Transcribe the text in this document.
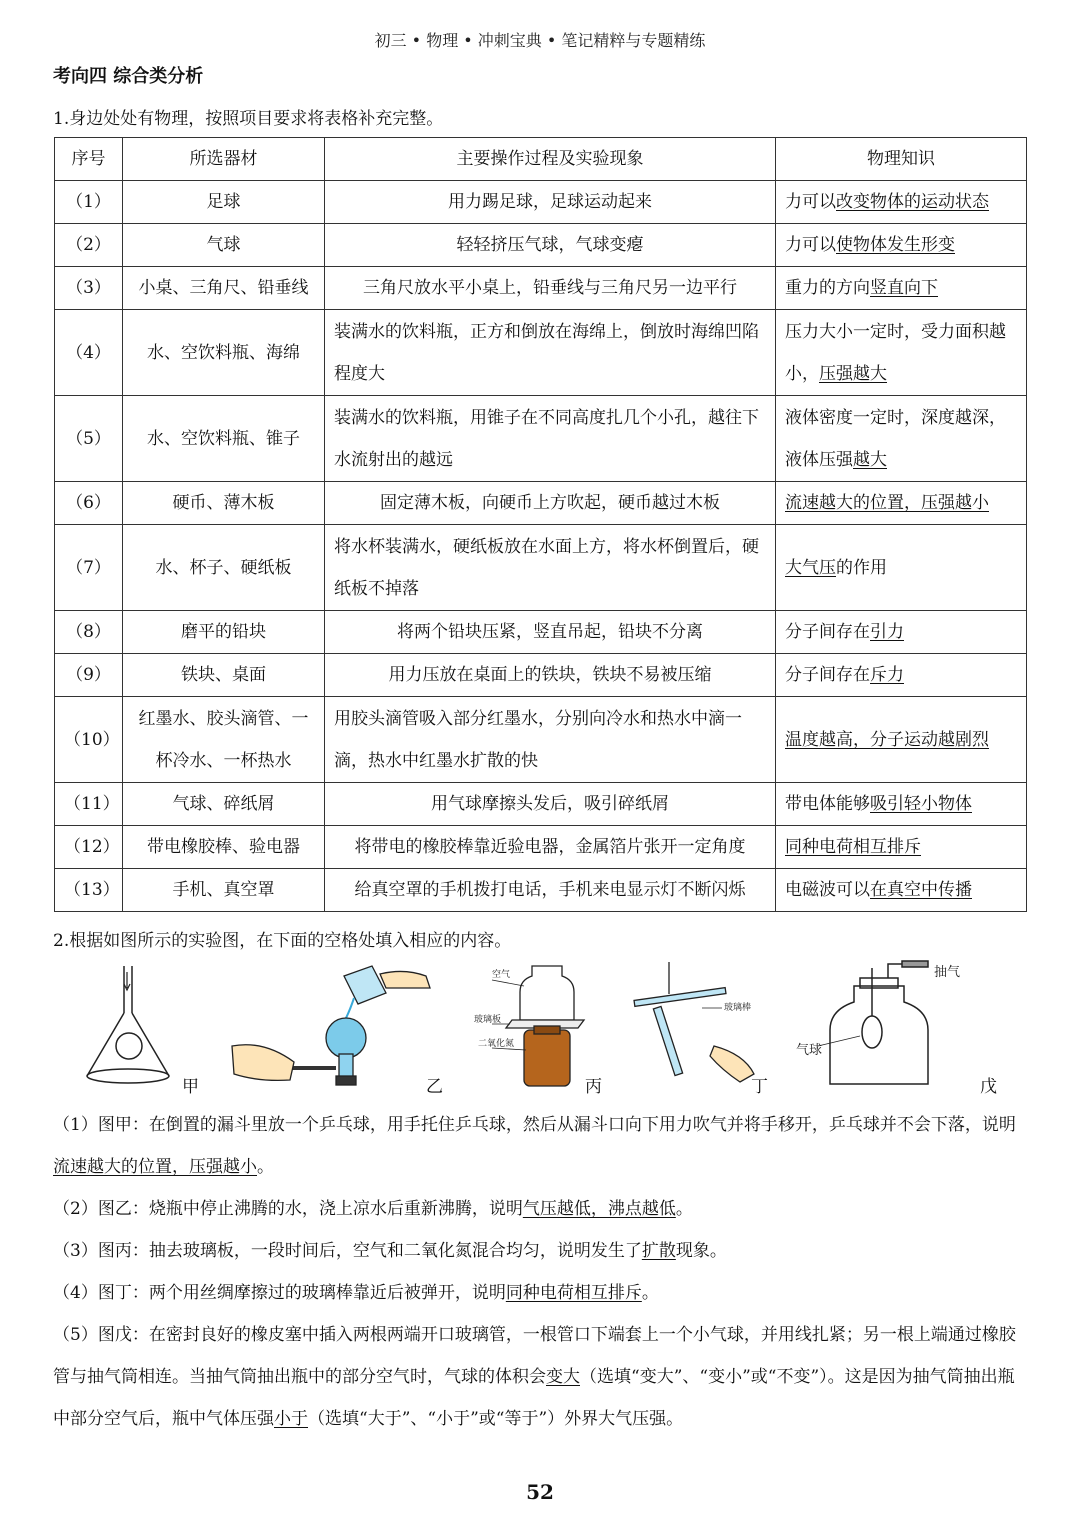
初三 • 物理 • 冲刺宝典 • 笔记精粹与专题精练
考向四 综合类分析
1.身边处处有物理，按照项目要求将表格补充完整。
序号	所选器材	主要操作过程及实验现象	物理知识
（1）	足球	用力踢足球，足球运动起来	力可以改变物体的运动状态
（2）	气球	轻轻挤压气球，气球变瘪	力可以使物体发生形变
（3）	小桌、三角尺、铅垂线	三角尺放水平小桌上，铅垂线与三角尺另一边平行	重力的方向竖直向下
（4）	水、空饮料瓶、海绵	装满水的饮料瓶，正方和倒放在海绵上，倒放时海绵凹陷程度大	压力大小一定时，受力面积越小，压强越大
（5）	水、空饮料瓶、锥子	装满水的饮料瓶，用锥子在不同高度扎几个小孔，越往下水流射出的越远	液体密度一定时，深度越深，液体压强越大
（6）	硬币、薄木板	固定薄木板，向硬币上方吹起，硬币越过木板	流速越大的位置，压强越小
（7）	水、杯子、硬纸板	将水杯装满水，硬纸板放在水面上方，将水杯倒置后，硬纸板不掉落	大气压的作用
（8）	磨平的铅块	将两个铅块压紧，竖直吊起，铅块不分离	分子间存在引力
（9）	铁块、桌面	用力压放在桌面上的铁块，铁块不易被压缩	分子间存在斥力
（10）	红墨水、胶头滴管、一杯冷水、一杯热水	用胶头滴管吸入部分红墨水，分别向冷水和热水中滴一滴，热水中红墨水扩散的快	温度越高，分子运动越剧烈
（11）	气球、碎纸屑	用气球摩擦头发后，吸引碎纸屑	带电体能够吸引轻小物体
（12）	带电橡胶棒、验电器	将带电的橡胶棒靠近验电器，金属箔片张开一定角度	同种电荷相互排斥
（13）	手机、真空罩	给真空罩的手机拨打电话，手机来电显示灯不断闪烁	电磁波可以在真空中传播
2.根据如图所示的实验图，在下面的空格处填入相应的内容。
空气
玻璃板
二氧化氮
玻璃棒
抽气
气球
甲	乙	丙	丁	戊

（1）图甲：在倒置的漏斗里放一个乒乓球，用手托住乒乓球，然后从漏斗口向下用力吹气并将手移开，乒乓球并不会下落，说明流速越大的位置，压强越小。

（2）图乙：烧瓶中停止沸腾的水，浇上凉水后重新沸腾，说明气压越低，沸点越低。

（3）图丙：抽去玻璃板，一段时间后，空气和二氧化氮混合均匀，说明发生了扩散现象。

（4）图丁：两个用丝绸摩擦过的玻璃棒靠近后被弹开，说明同种电荷相互排斥。

（5）图戊：在密封良好的橡皮塞中插入两根两端开口玻璃管，一根管口下端套上一个小气球，并用线扎紧；另一根上端通过橡胶管与抽气筒相连。当抽气筒抽出瓶中的部分空气时，气球的体积会变大（选填“变大”、“变小”或“不变”）。这是因为抽气筒抽出瓶中部分空气后，瓶中气体压强小于（选填“大于”、“小于”或“等于”）外界大气压强。

52
